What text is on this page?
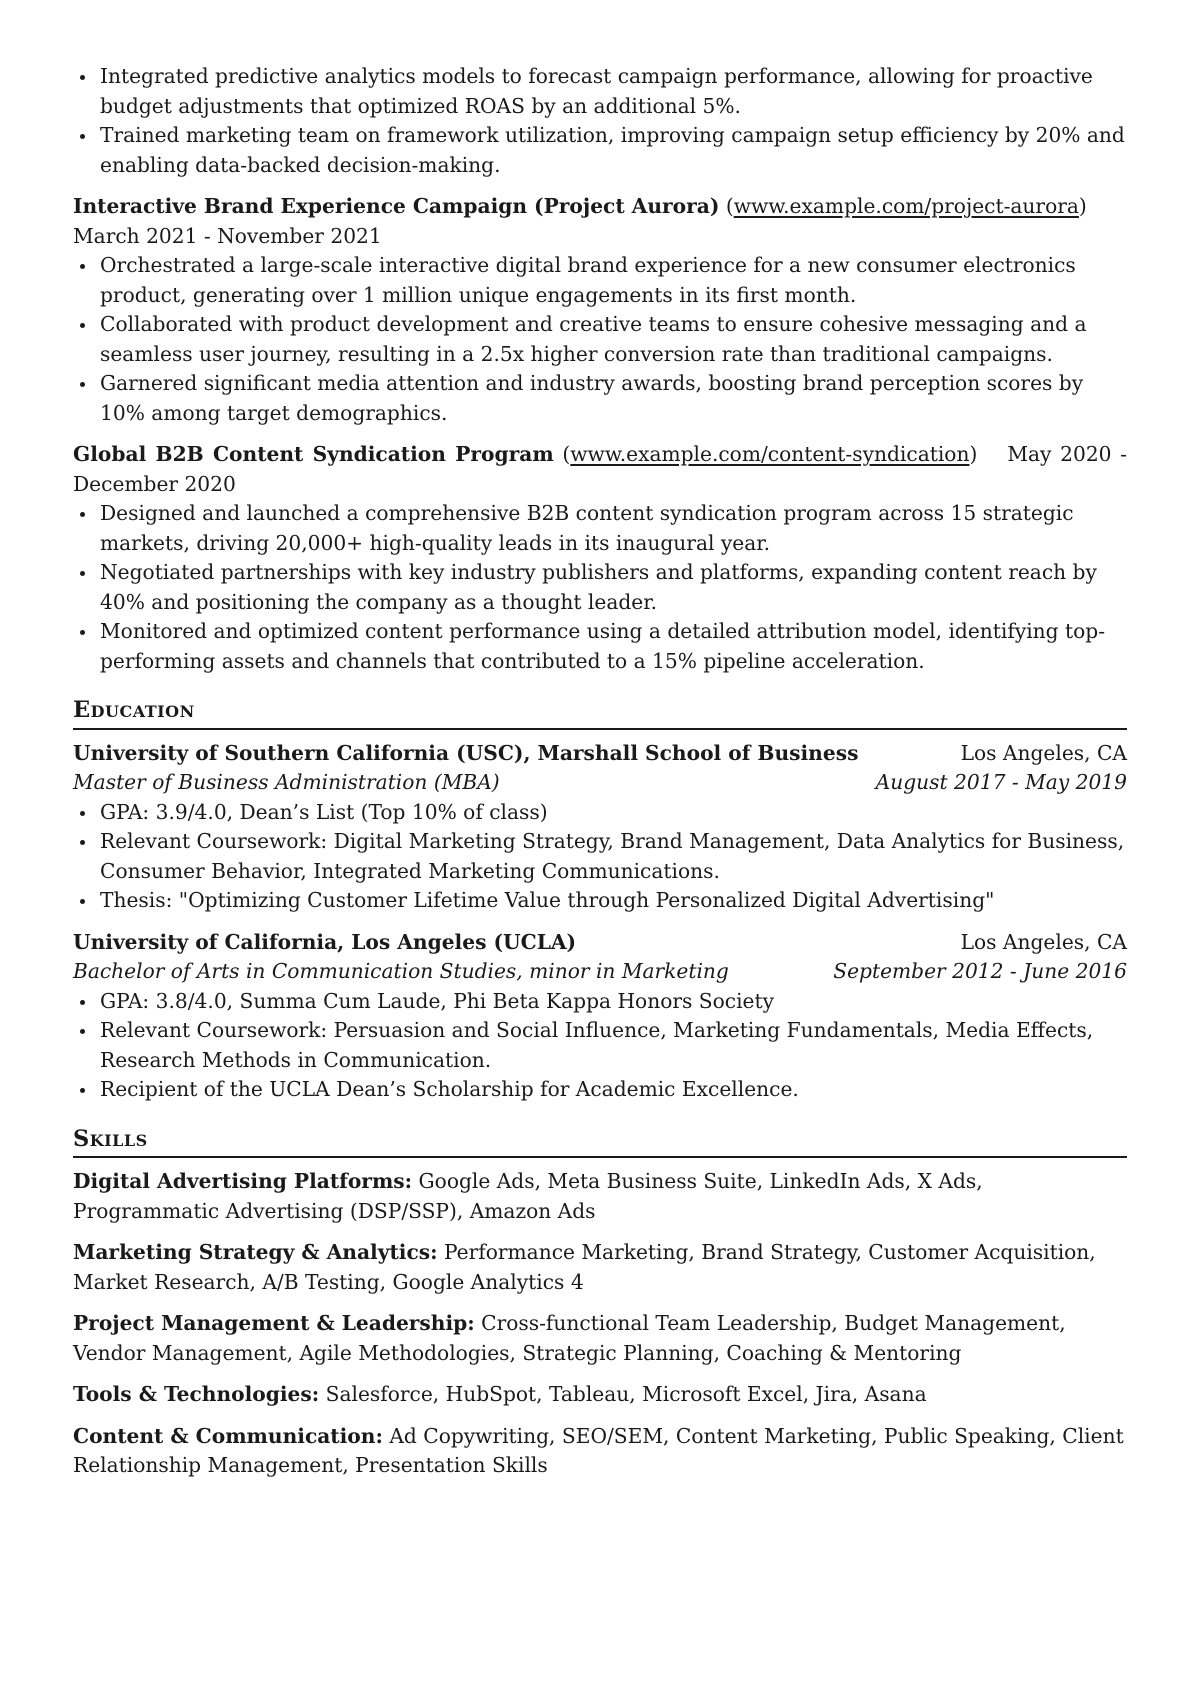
Integrated predictive analytics models to forecast campaign performance, allowing for proactive budget adjustments that optimized ROAS by an additional 5%.
Trained marketing team on framework utilization, improving campaign setup efficiency by 20% and enabling data-backed decision-making.
Interactive Brand Experience Campaign (Project Aurora) (www.example.com/project-aurora)
March 2021 - November 2021
Orchestrated a large-scale interactive digital brand experience for a new consumer electronics product, generating over 1 million unique engagements in its first month.
Collaborated with product development and creative teams to ensure cohesive messaging and a seamless user journey, resulting in a 2.5x higher conversion rate than traditional campaigns.
Garnered significant media attention and industry awards, boosting brand perception scores by 10% among target demographics.
Global B2B Content Syndication Program (www.example.com/content-syndication) May 2020 - December 2020
Designed and launched a comprehensive B2B content syndication program across 15 strategic markets, driving 20,000+ high-quality leads in its inaugural year.
Negotiated partnerships with key industry publishers and platforms, expanding content reach by 40% and positioning the company as a thought leader.
Monitored and optimized content performance using a detailed attribution model, identifying top-performing assets and channels that contributed to a 15% pipeline acceleration.
Education
University of Southern California (USC), Marshall School of Business	Los Angeles, CA
Master of Business Administration (MBA)	August 2017 - May 2019
GPA: 3.9/4.0, Dean’s List (Top 10% of class)
Relevant Coursework: Digital Marketing Strategy, Brand Management, Data Analytics for Business, Consumer Behavior, Integrated Marketing Communications.
Thesis: "Optimizing Customer Lifetime Value through Personalized Digital Advertising"
University of California, Los Angeles (UCLA)	Los Angeles, CA
Bachelor of Arts in Communication Studies, minor in Marketing	September 2012 - June 2016
GPA: 3.8/4.0, Summa Cum Laude, Phi Beta Kappa Honors Society
Relevant Coursework: Persuasion and Social Influence, Marketing Fundamentals, Media Effects, Research Methods in Communication.
Recipient of the UCLA Dean’s Scholarship for Academic Excellence.
Skills
Digital Advertising Platforms: Google Ads, Meta Business Suite, LinkedIn Ads, X Ads, Programmatic Advertising (DSP/SSP), Amazon Ads
Marketing Strategy & Analytics: Performance Marketing, Brand Strategy, Customer Acquisition, Market Research, A/B Testing, Google Analytics 4
Project Management & Leadership: Cross-functional Team Leadership, Budget Management, Vendor Management, Agile Methodologies, Strategic Planning, Coaching & Mentoring
Tools & Technologies: Salesforce, HubSpot, Tableau, Microsoft Excel, Jira, Asana
Content & Communication: Ad Copywriting, SEO/SEM, Content Marketing, Public Speaking, Client Relationship Management, Presentation Skills
